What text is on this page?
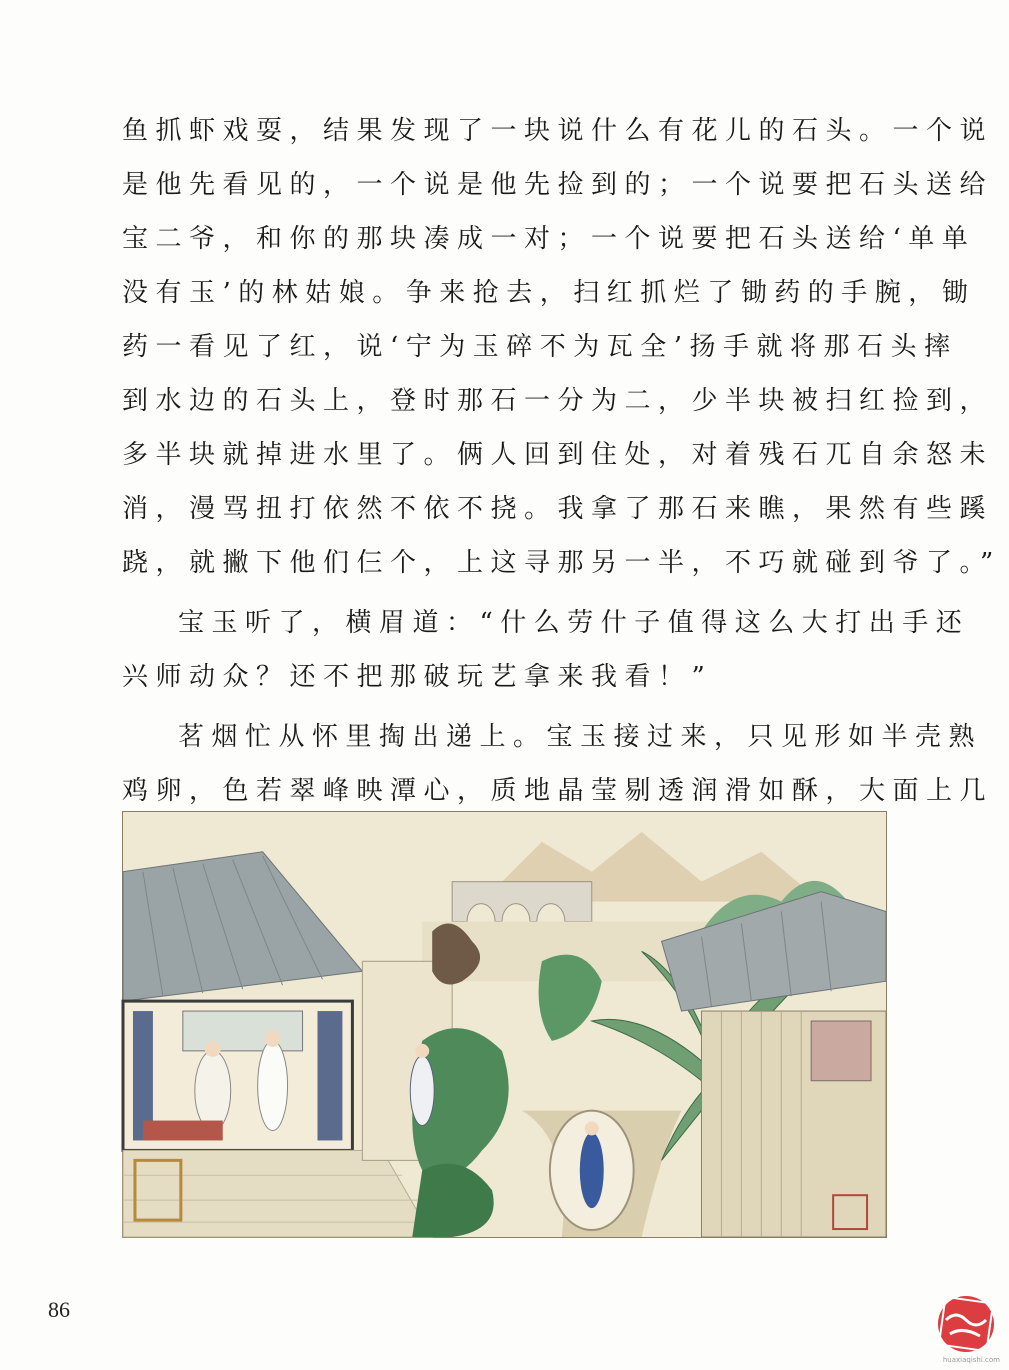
鱼抓虾戏耍，结果发现了一块说什么有花儿的石头。一个说
是他先看见的，一个说是他先捡到的；一个说要把石头送给
宝二爷，和你的那块凑成一对；一个说要把石头送给‘单单
没有玉’的林姑娘。争来抢去，扫红抓烂了锄药的手腕，锄
药一看见了红，说‘宁为玉碎不为瓦全’扬手就将那石头摔
到水边的石头上，登时那石一分为二，少半块被扫红捡到，
多半块就掉进水里了。俩人回到住处，对着残石兀自余怒未
消，漫骂扭打依然不依不挠。我拿了那石来瞧，果然有些蹊
跷，就撇下他们仨个，上这寻那另一半，不巧就碰到爷了。”

宝玉听了，横眉道：“什么劳什子值得这么大打出手还
兴师动众？还不把那破玩艺拿来我看！”

茗烟忙从怀里掏出递上。宝玉接过来，只见形如半壳熟
鸡卵，色若翠峰映潭心，质地晶莹剔透润滑如酥，大面上几

86
huaxiaqishi.com
